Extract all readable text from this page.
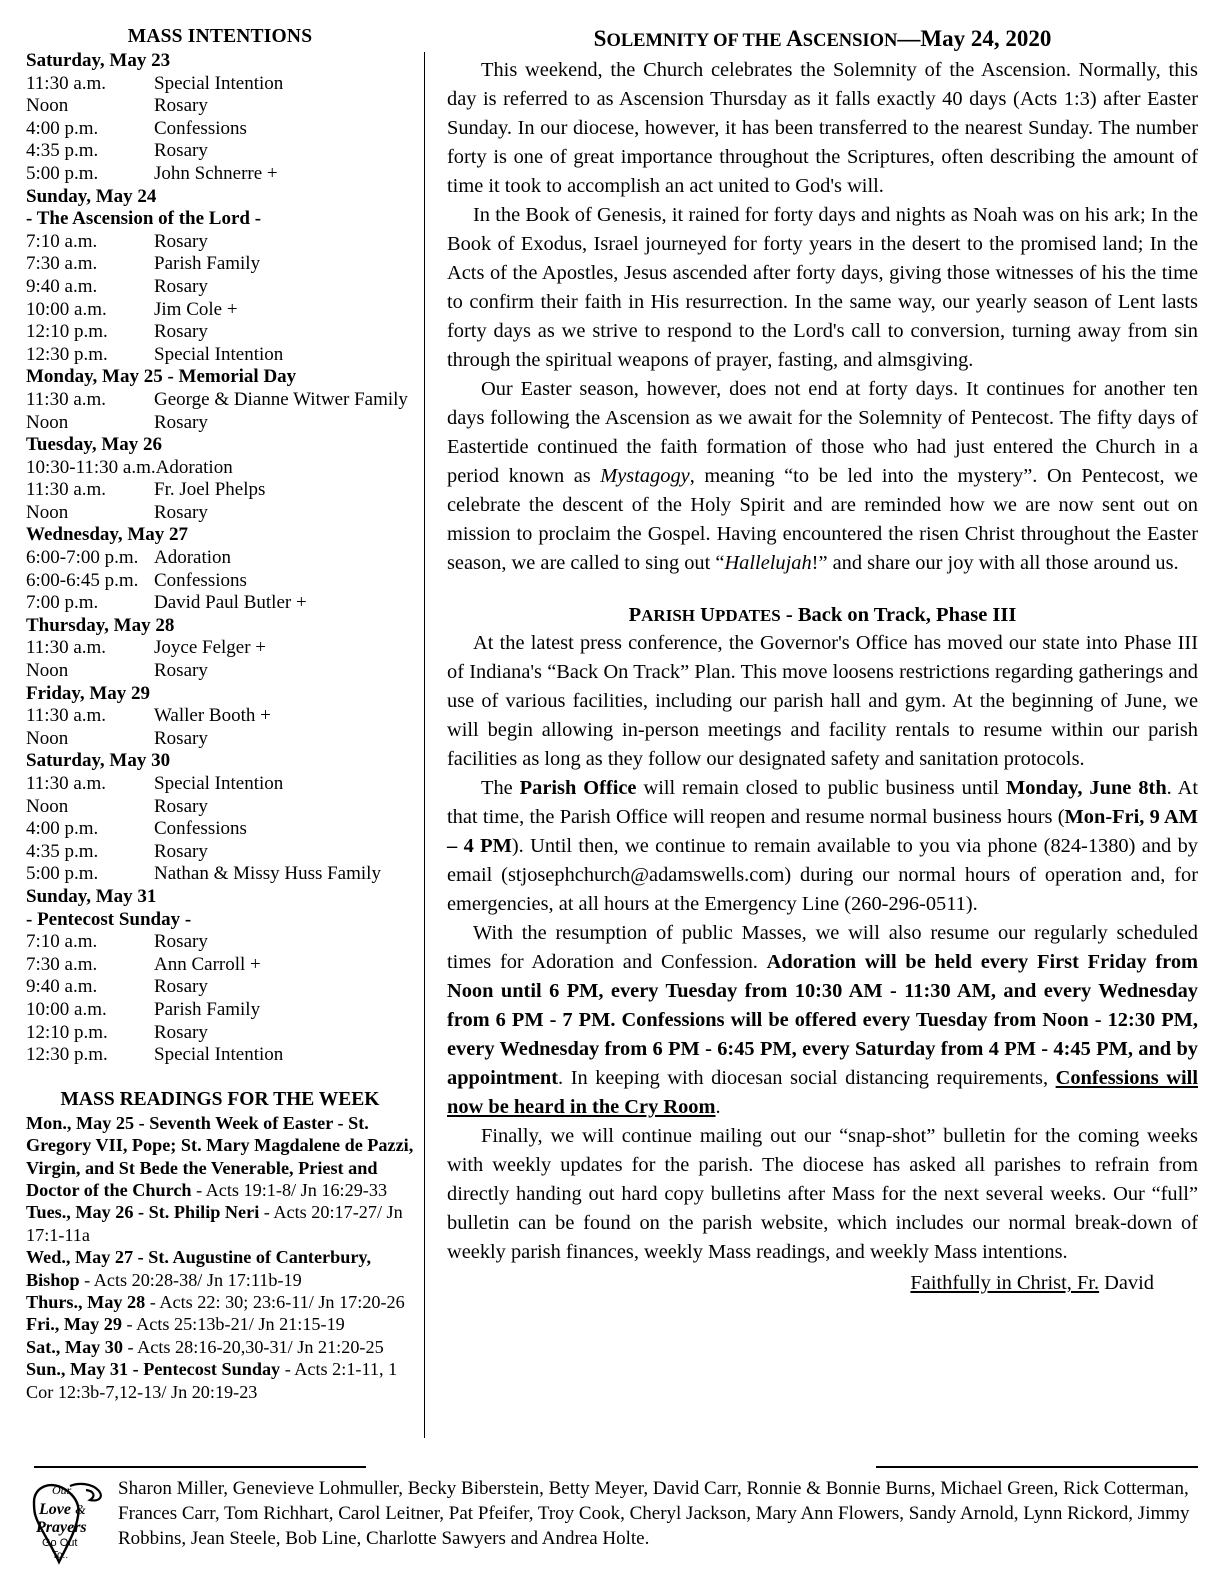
MASS INTENTIONS
Saturday, May 23
11:30 a.m.	Special Intention
Noon	Rosary
4:00 p.m.	Confessions
4:35 p.m.	Rosary
5:00 p.m.	John Schnerre +
Sunday, May 24
- The Ascension of the Lord -
7:10 a.m.	Rosary
7:30 a.m.	Parish Family
9:40 a.m.	Rosary
10:00 a.m. Jim Cole +
12:10 p.m. Rosary
12:30 p.m. Special Intention
Monday, May 25 - Memorial Day
11:30 a.m.	George & Dianne Witwer Family
Noon	Rosary
Tuesday, May 26
10:30-11:30 a.m.Adoration
11:30 a.m.	Fr. Joel Phelps
Noon	Rosary
Wednesday, May 27
6:00-7:00 p.m. Adoration
6:00-6:45 p.m. Confessions
7:00 p.m.	David Paul Butler +
Thursday, May 28
11:30 a.m.	Joyce Felger +
Noon	Rosary
Friday, May 29
11:30 a.m.	Waller Booth +
Noon	Rosary
Saturday, May 30
11:30 a.m.	Special Intention
Noon	Rosary
4:00 p.m.	Confessions
4:35 p.m.	Rosary
5:00 p.m.	Nathan & Missy Huss Family
Sunday, May 31
- Pentecost Sunday -
7:10 a.m.	Rosary
7:30 a.m.	Ann Carroll +
9:40 a.m.	Rosary
10:00 a.m. Parish Family
12:10 p.m. Rosary
12:30 p.m. Special Intention
MASS READINGS FOR THE WEEK

Mon., May 25 - Seventh Week of Easter - St. Gregory VII, Pope; St. Mary Magdalene de Pazzi, Virgin, and St Bede the Venerable, Priest and Doctor of the Church - Acts 19:1-8/ Jn 16:29-33

Tues., May 26 - St. Philip Neri - Acts 20:17-27/ Jn 17:1-11a

Wed., May 27 - St. Augustine of Canterbury, Bishop - Acts 20:28-38/ Jn 17:11b-19

Thurs., May 28 - Acts 22: 30; 23:6-11/ Jn 17:20-26

Fri., May 29 - Acts 25:13b-21/ Jn 21:15-19

Sat., May 30 - Acts 28:16-20,30-31/ Jn 21:20-25

Sun., May 31 - Pentecost Sunday - Acts 2:1-11, 1 Cor 12:3b-7,12-13/ Jn 20:19-23

SOLEMNITY OF THE ASCENSION—May 24, 2020

This weekend, the Church celebrates the Solemnity of the Ascension. Normally, this day is referred to as Ascension Thursday as it falls exactly 40 days (Acts 1:3) after Easter Sunday. In our diocese, however, it has been transferred to the nearest Sunday. The number forty is one of great importance throughout the Scriptures, often describing the amount of time it took to accomplish an act united to God's will.

In the Book of Genesis, it rained for forty days and nights as Noah was on his ark; In the Book of Exodus, Israel journeyed for forty years in the desert to the promised land; In the Acts of the Apostles, Jesus ascended after forty days, giving those witnesses of his the time to confirm their faith in His resurrection. In the same way, our yearly season of Lent lasts forty days as we strive to respond to the Lord's call to conversion, turning away from sin through the spiritual weapons of prayer, fasting, and almsgiving.

Our Easter season, however, does not end at forty days. It continues for another ten days following the Ascension as we await for the Solemnity of Pentecost. The fifty days of Eastertide continued the faith formation of those who had just entered the Church in a period known as Mystagogy, meaning “to be led into the mystery”. On Pentecost, we celebrate the descent of the Holy Spirit and are reminded how we are now sent out on mission to proclaim the Gospel. Having encountered the risen Christ throughout the Easter season, we are called to sing out “Hallelujah!” and share our joy with all those around us.

PARISH UPDATES - Back on Track, Phase III

At the latest press conference, the Governor's Office has moved our state into Phase III of Indiana's “Back On Track” Plan. This move loosens restrictions regarding gatherings and use of various facilities, including our parish hall and gym. At the beginning of June, we will begin allowing in-person meetings and facility rentals to resume within our parish facilities as long as they follow our designated safety and sanitation protocols.

The Parish Office will remain closed to public business until Monday, June 8th. At that time, the Parish Office will reopen and resume normal business hours (Mon-Fri, 9 AM – 4 PM). Until then, we continue to remain available to you via phone (824-1380) and by email (stjosephchurch@adamswells.com) during our normal hours of operation and, for emergencies, at all hours at the Emergency Line (260-296-0511).

With the resumption of public Masses, we will also resume our regularly scheduled times for Adoration and Confession. Adoration will be held every First Friday from Noon until 6 PM, every Tuesday from 10:30 AM - 11:30 AM, and every Wednesday from 6 PM - 7 PM. Confessions will be offered every Tuesday from Noon - 12:30 PM, every Wednesday from 6 PM - 6:45 PM, every Saturday from 4 PM - 4:45 PM, and by appointment. In keeping with diocesan social distancing requirements, Confessions will now be heard in the Cry Room.

Finally, we will continue mailing out our “snap-shot” bulletin for the coming weeks with weekly updates for the parish. The diocese has asked all parishes to refrain from directly handing out hard copy bulletins after Mass for the next several weeks. Our “full” bulletin can be found on the parish website, which includes our normal break-down of weekly parish finances, weekly Mass readings, and weekly Mass intentions.

Faithfully in Christ, Fr. David

Our
Love &
Prayers
Go Out
To..
Sharon Miller, Genevieve Lohmuller, Becky Biberstein, Betty Meyer, David Carr, Ronnie & Bonnie Burns, Michael Green, Rick Cotterman, Frances Carr, Tom Richhart, Carol Leitner, Pat Pfeifer, Troy Cook, Cheryl Jackson, Mary Ann Flowers, Sandy Arnold, Lynn Rickord, Jimmy Robbins, Jean Steele, Bob Line, Charlotte Sawyers and Andrea Holte.
